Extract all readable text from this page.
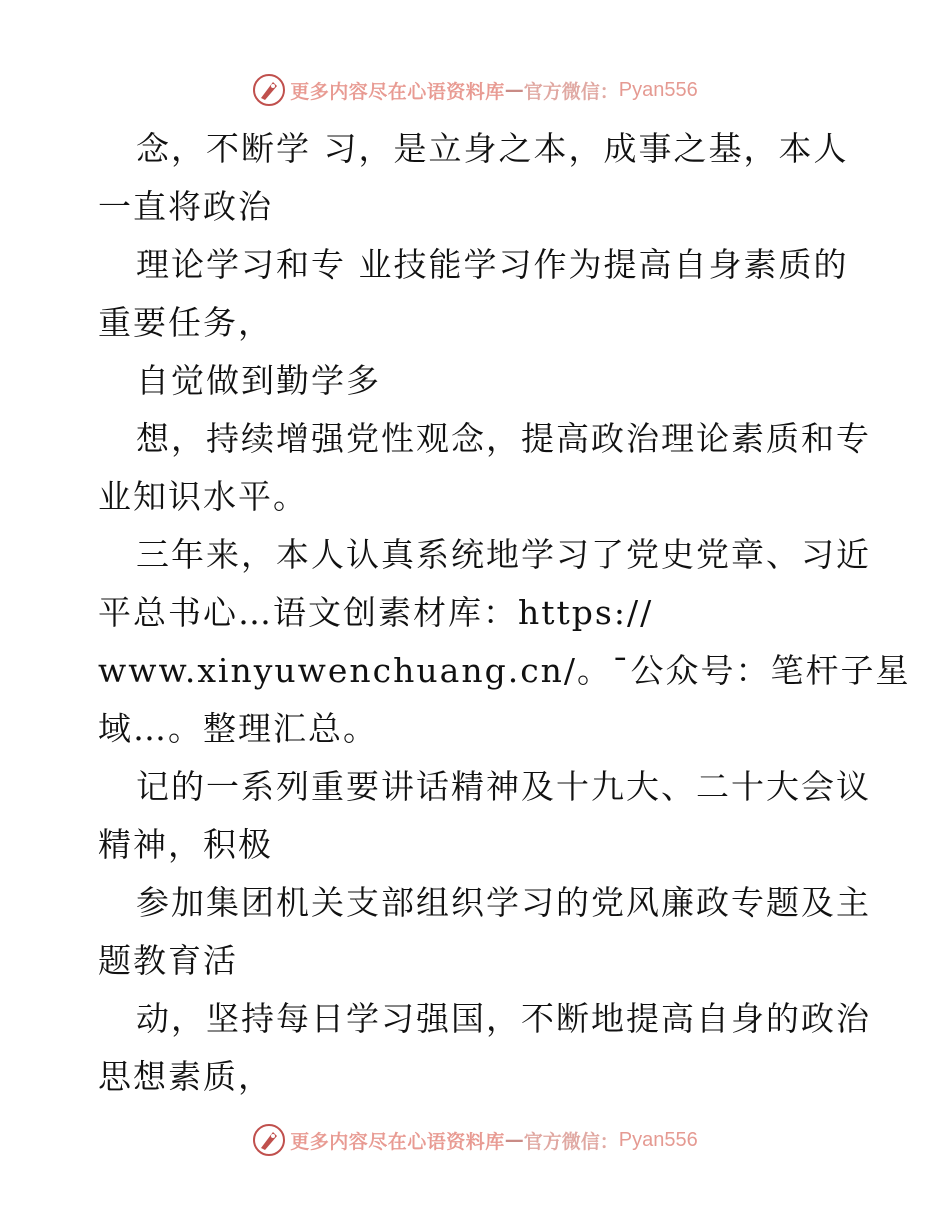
更多内容尽在心语资料库 — 官方微信： Pyan556
念，不断学 习，是立身之本，成事之基，本人
一直将政治
理论学习和专 业技能学习作为提高自身素质的
重要任务，
自觉做到勤学多
想，持续增强党性观念，提高政治理论素质和专
业知识水平。
三年来，本人认真系统地学习了党史党章、习近
平总书心…语文创素材库：https://
www.xinyuwenchuang.cn/。¯公众号：笔杆子星
域…。整理汇总。
记的一系列重要讲话精神及十九大、二十大会议
精神，积极
参加集团机关支部组织学习的党风廉政专题及主
题教育活
动，坚持每日学习强国，不断地提高自身的政治
思想素质，
更多内容尽在心语资料库 — 官方微信： Pyan556
